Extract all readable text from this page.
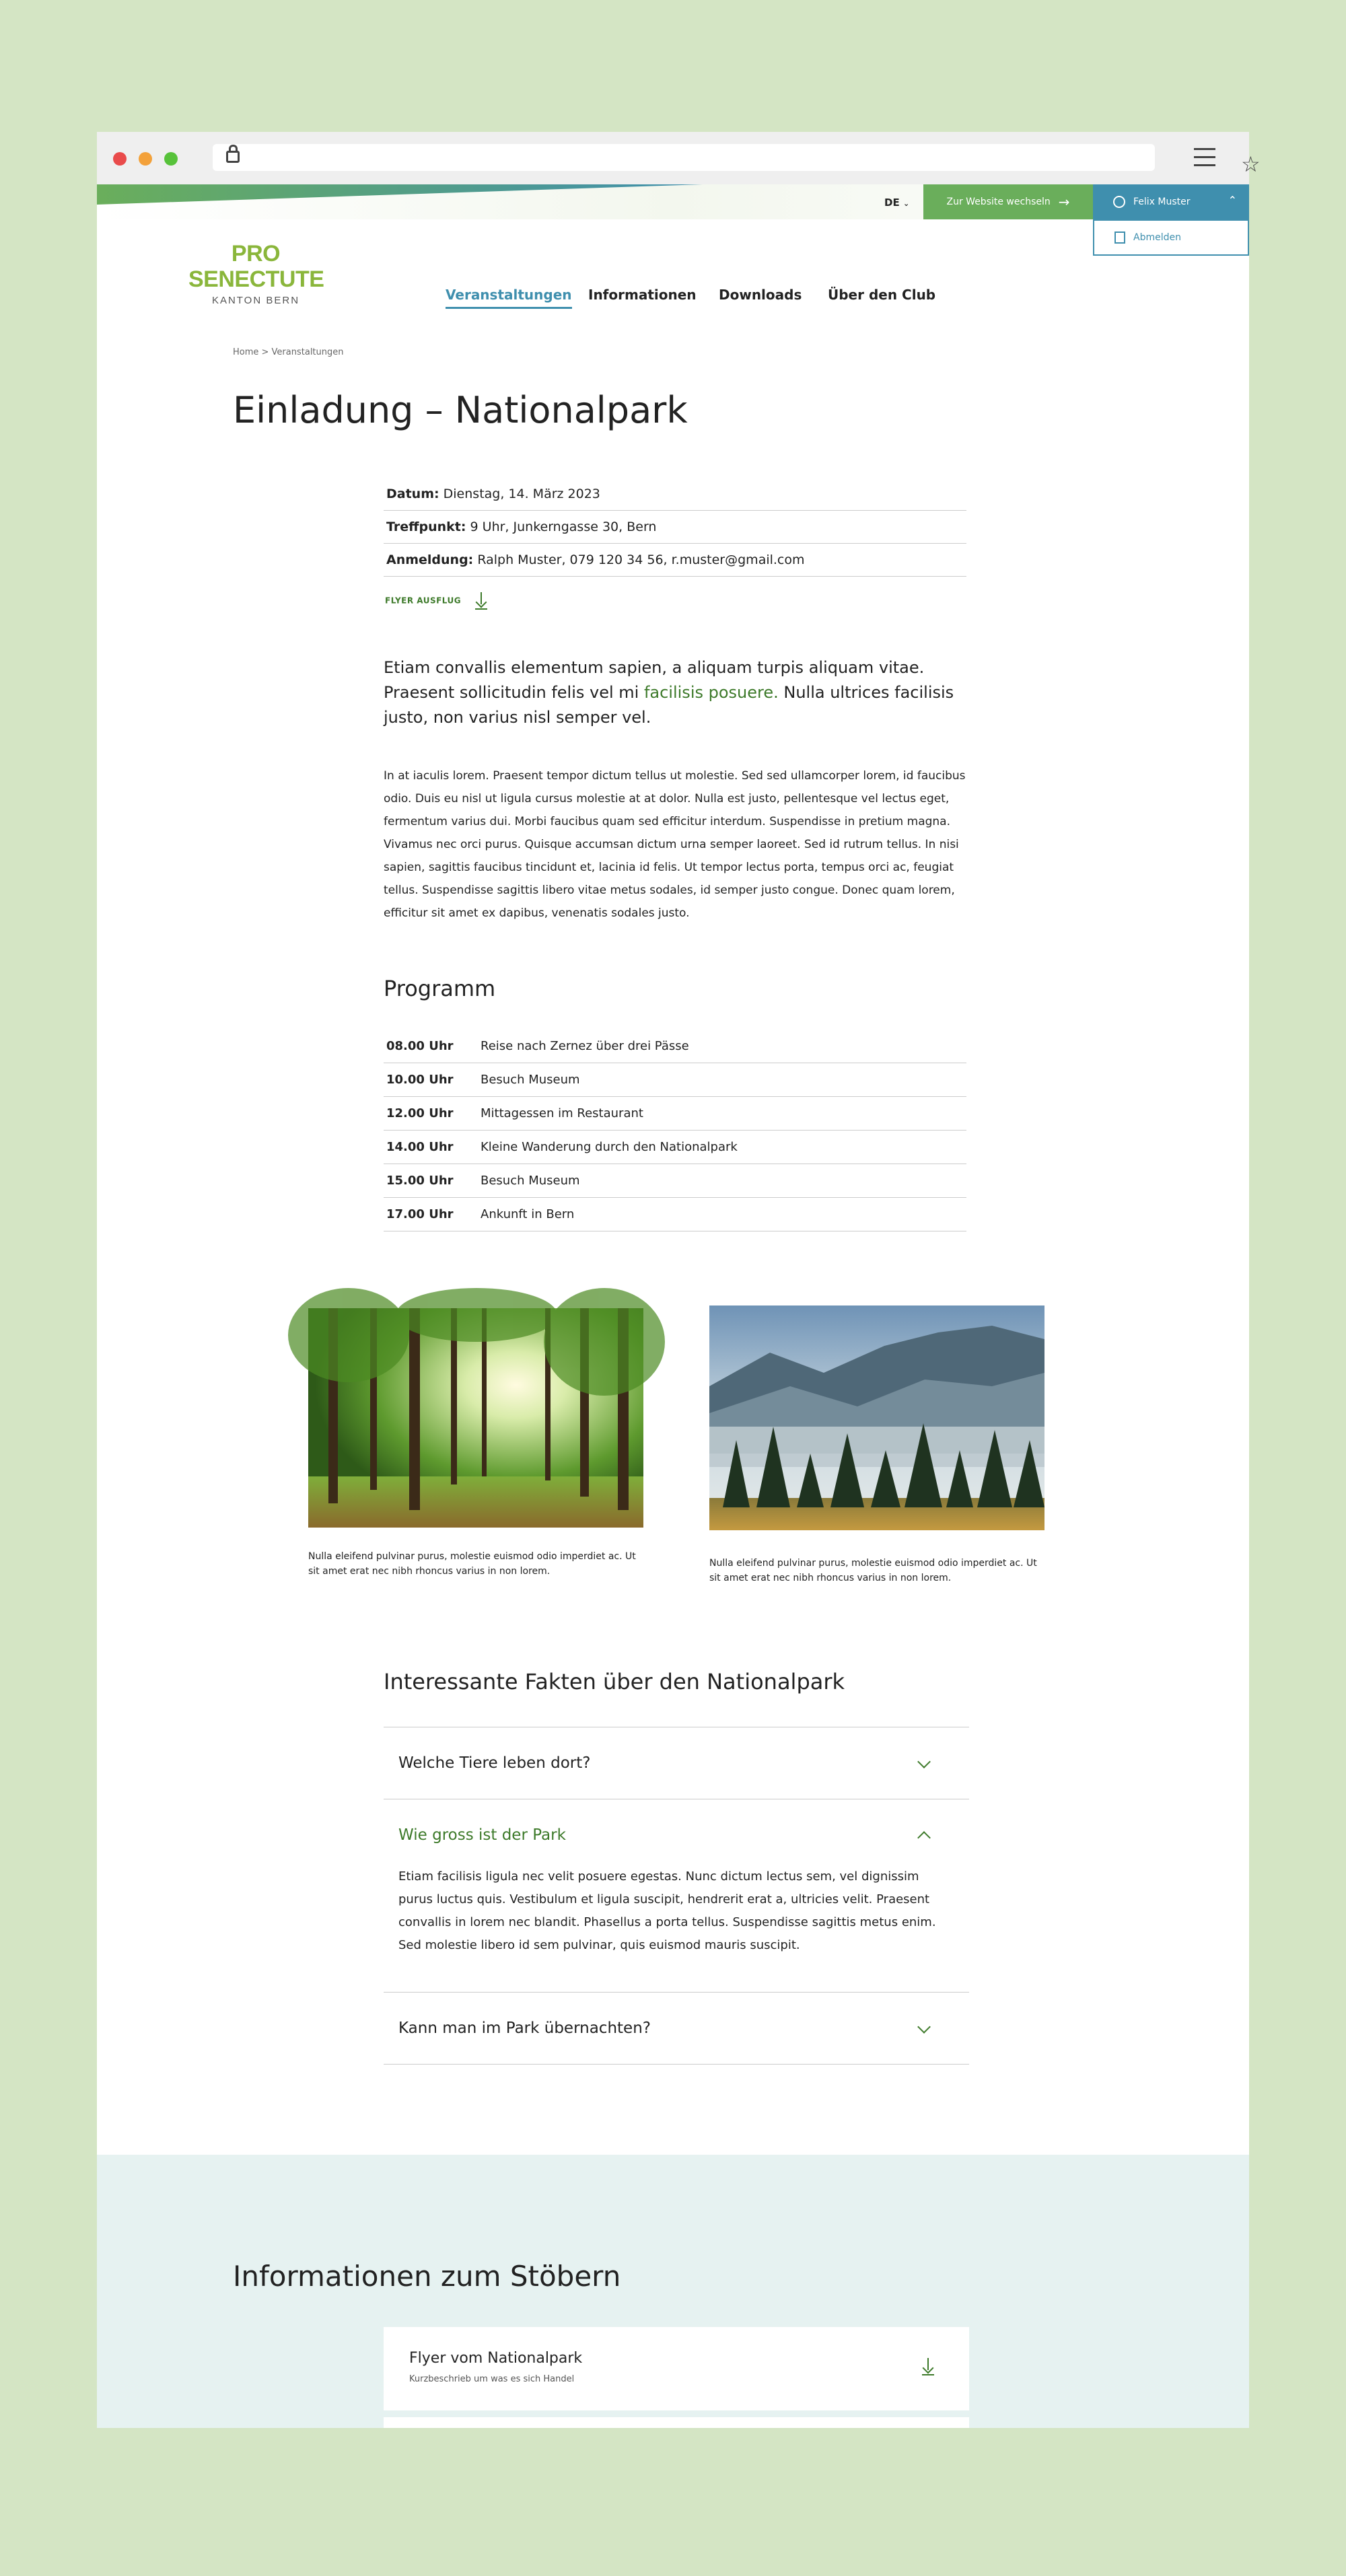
☆
DE ⌄	Zur Website wechseln →	Felix Muster	⌃
Abmelden
PRO
SENECTUTE
KANTON BERN	Veranstaltungen Informationen Downloads Über den Club
Home > Veranstaltungen
Einladung – Nationalpark
Datum: Dienstag, 14. März 2023
Treffpunkt: 9 Uhr, Junkerngasse 30, Bern
Anmeldung: Ralph Muster, 079 120 34 56, r.muster@gmail.com
FLYER AUSFLUG
Etiam convallis elementum sapien, a aliquam turpis aliquam vitae. Praesent sollicitudin felis vel mi facilisis posuere. Nulla ultrices facilisis justo, non varius nisl semper vel.
In at iaculis lorem. Praesent tempor dictum tellus ut molestie. Sed sed ullamcorper lorem, id faucibus odio. Duis eu nisl ut ligula cursus molestie at at dolor. Nulla est justo, pellentesque vel lectus eget, fermentum varius dui. Morbi faucibus quam sed efficitur interdum. Suspendisse in pretium magna. Vivamus nec orci purus. Quisque accumsan dictum urna semper laoreet. Sed id rutrum tellus. In nisi sapien, sagittis faucibus tincidunt et, lacinia id felis. Ut tempor lectus porta, tempus orci ac, feugiat tellus. Suspendisse sagittis libero vitae metus sodales, id semper justo congue. Donec quam lorem, efficitur sit amet ex dapibus, venenatis sodales justo.
Programm
08.00 Uhr	Reise nach Zernez über drei Pässe
10.00 Uhr	Besuch Museum
12.00 Uhr	Mittagessen im Restaurant
14.00 Uhr	Kleine Wanderung durch den Nationalpark
15.00 Uhr	Besuch Museum
17.00 Uhr	Ankunft in Bern
Nulla eleifend pulvinar purus, molestie euismod odio imperdiet ac. Ut sit amet erat nec nibh rhoncus varius in non lorem.
Nulla eleifend pulvinar purus, molestie euismod odio imperdiet ac. Ut sit amet erat nec nibh rhoncus varius in non lorem.
Interessante Fakten über den Nationalpark
Welche Tiere leben dort?
Wie gross ist der Park
Etiam facilisis ligula nec velit posuere egestas. Nunc dictum lectus sem, vel dignissim purus luctus quis. Vestibulum et ligula suscipit, hendrerit erat a, ultricies velit. Praesent convallis in lorem nec blandit. Phasellus a porta tellus. Suspendisse sagittis metus enim. Sed molestie libero id sem pulvinar, quis euismod mauris suscipit.
Kann man im Park übernachten?
Informationen zum Stöbern
Flyer vom Nationalpark
Kurzbeschrieb um was es sich Handel
